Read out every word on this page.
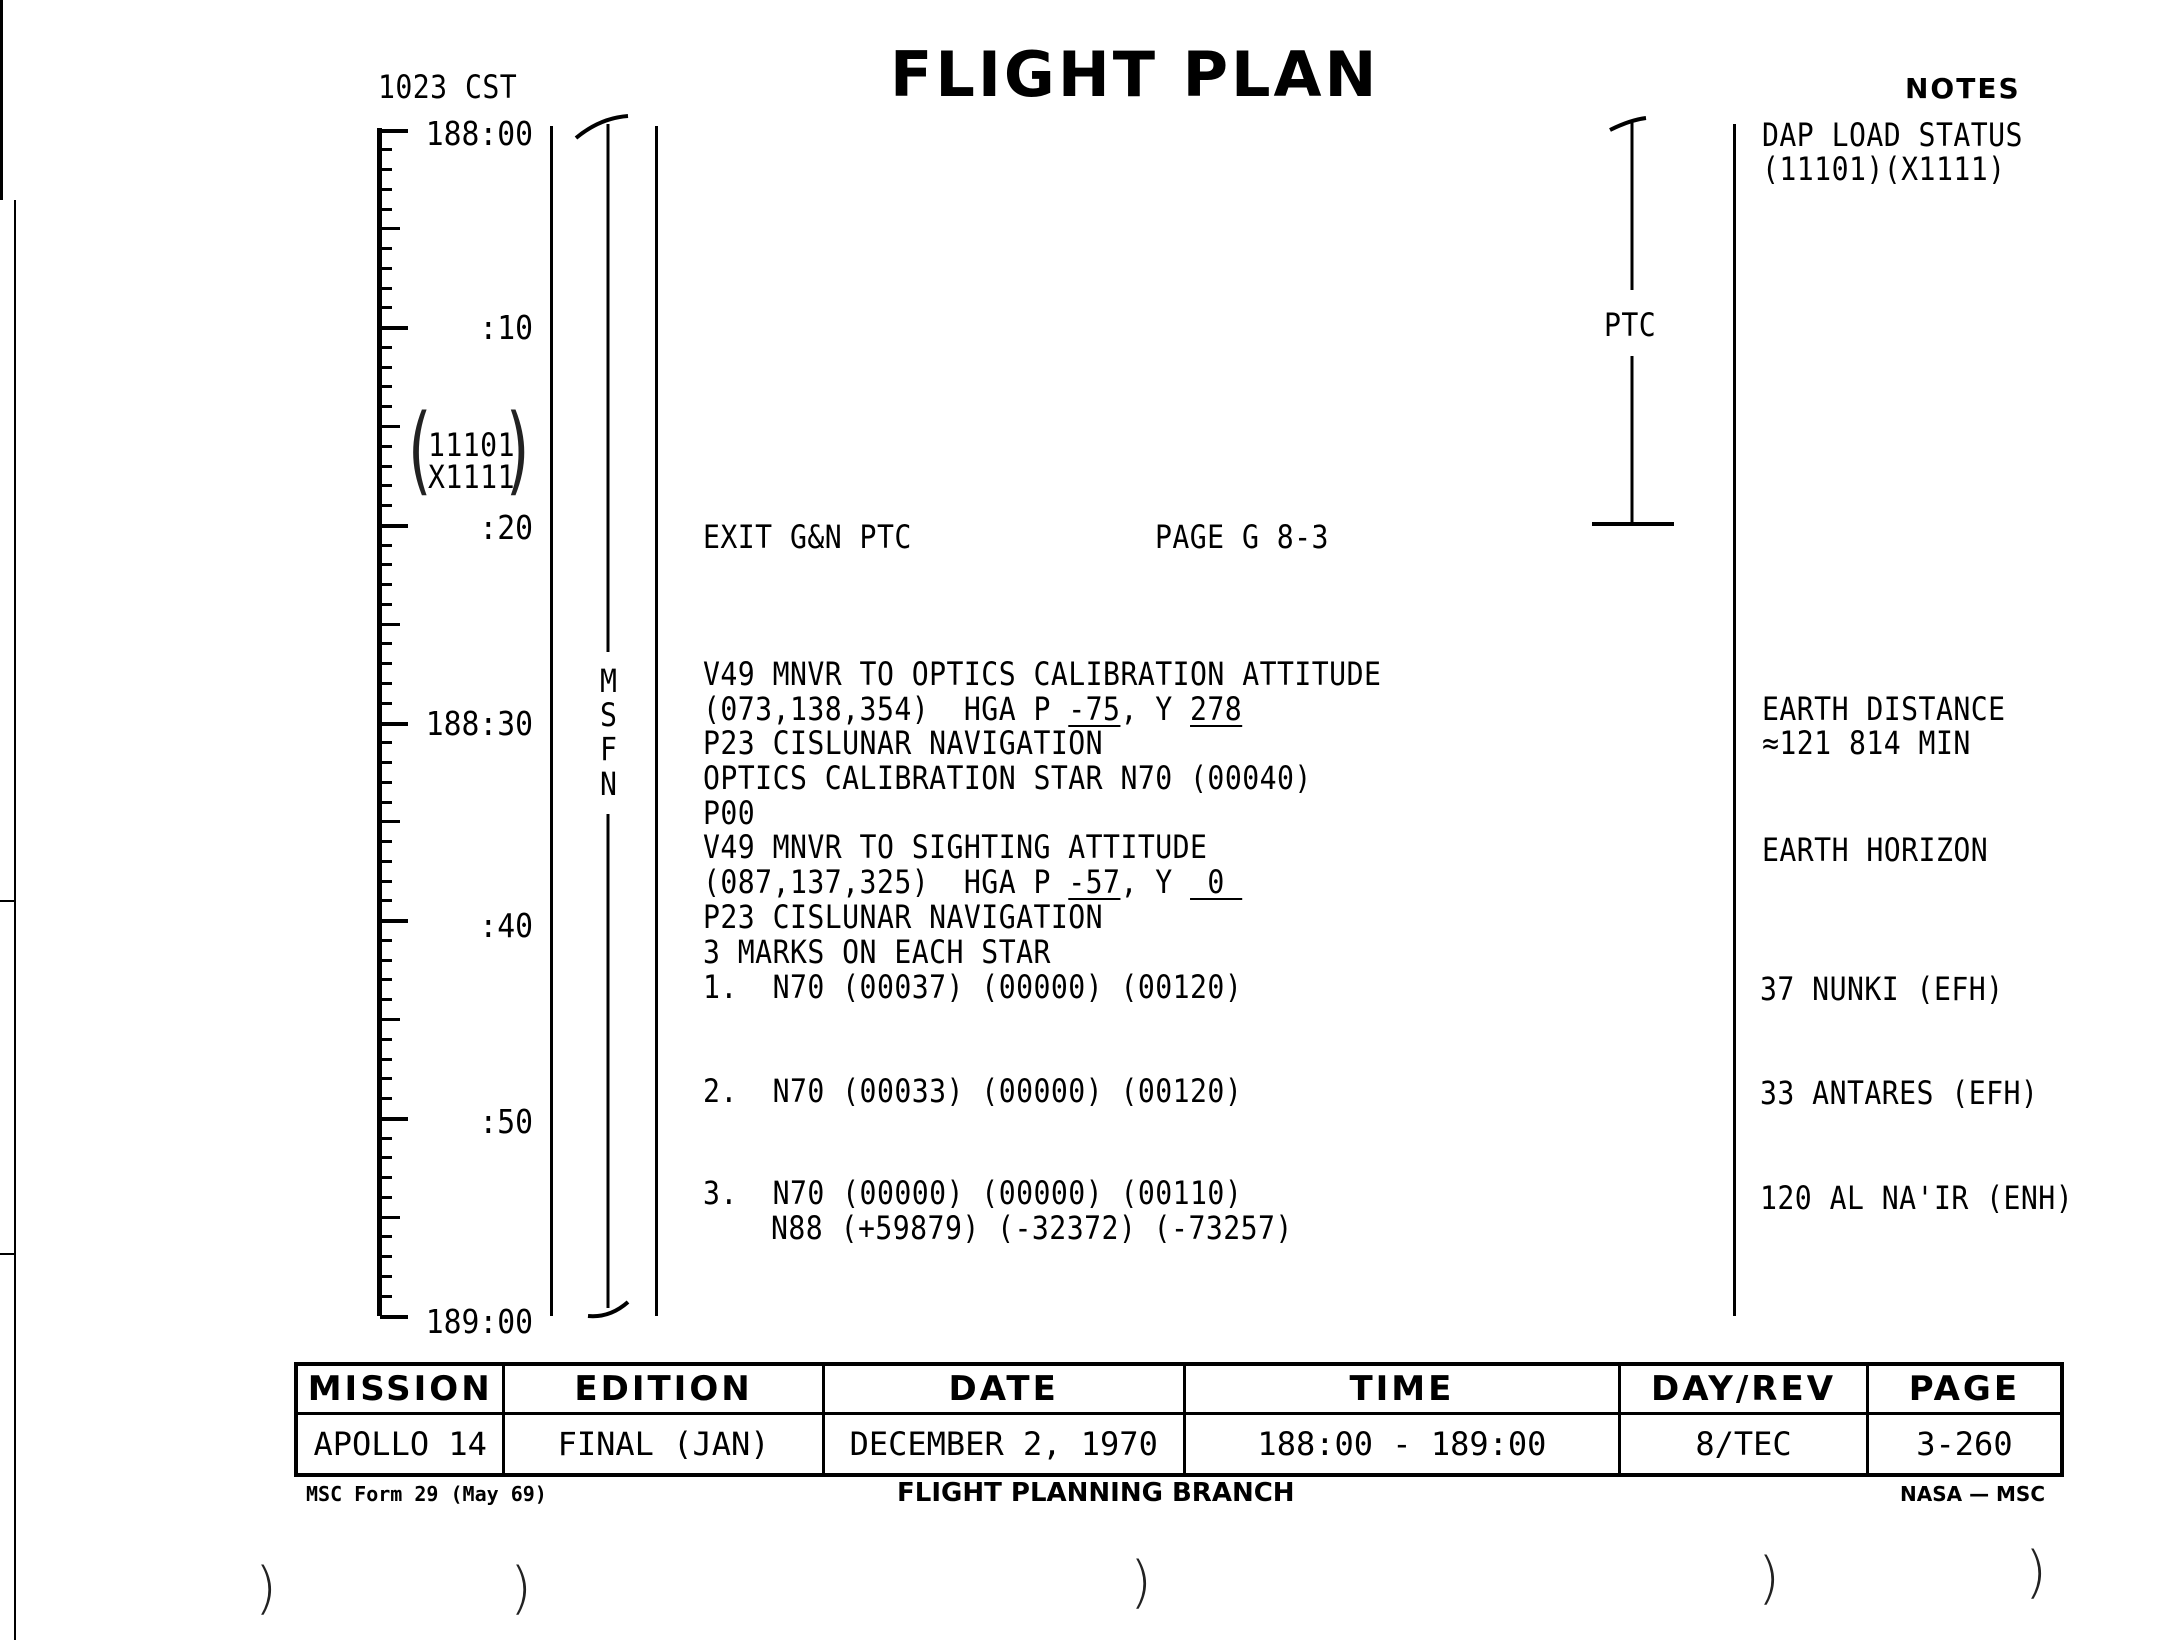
1023 CST	FLIGHT PLAN	NOTES
188:00
:10
:20
188:30
:40
:50
189:00
(
11101
X1111
)
M
S
F
N
PTC
EXIT G&N PTC	PAGE G 8-3
V49 MNVR TO OPTICS CALIBRATION ATTITUDE
(073,138,354)  HGA P -75, Y 278
P23 CISLUNAR NAVIGATION
OPTICS CALIBRATION STAR N70 (00040)
P00
V49 MNVR TO SIGHTING ATTITUDE
(087,137,325)  HGA P -57, Y  0
P23 CISLUNAR NAVIGATION
3 MARKS ON EACH STAR
1.  N70 (00037) (00000) (00120)
2.  N70 (00033) (00000) (00120)
3.  N70 (00000) (00000) (00110)
N88 (+59879) (-32372) (-73257)
DAP LOAD STATUS
(11101)(X1111)
EARTH DISTANCE
≈121 814 MIN
EARTH HORIZON
37 NUNKI (EFH)
33 ANTARES (EFH)
120 AL NA'IR (ENH)
MISSION	EDITION	DATE	TIME	DAY/REV	PAGE
APOLLO 14	FINAL (JAN)	DECEMBER 2, 1970	188:00 - 189:00	8/TEC	3-260
MSC Form 29 (May 69)	FLIGHT PLANNING BRANCH	NASA — MSC
)	)	)	)	)
